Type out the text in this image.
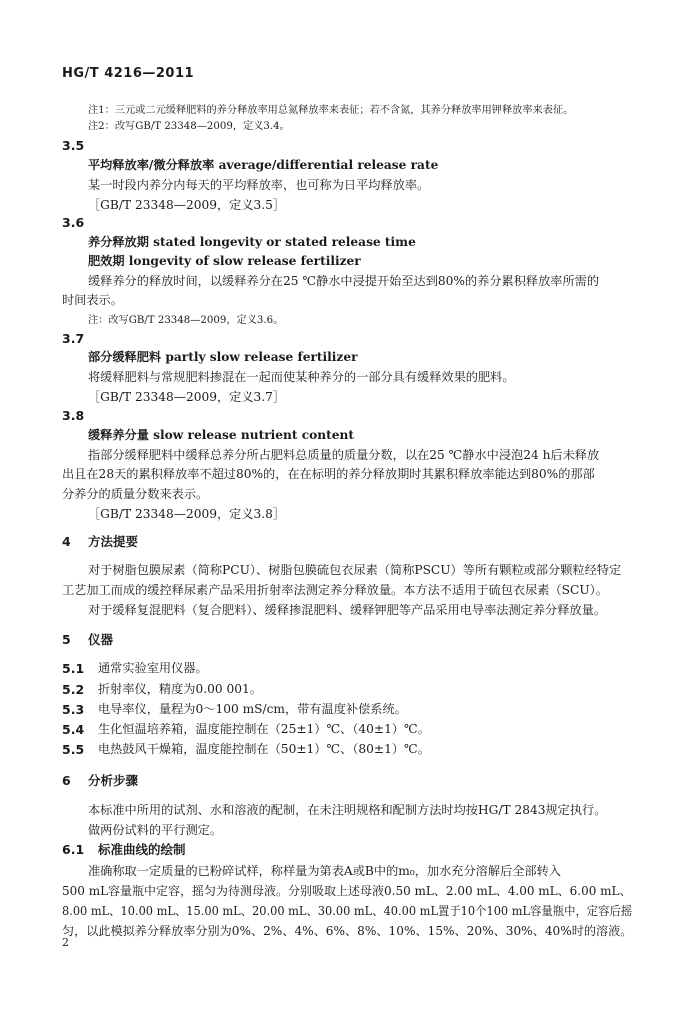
HG/T 4216—2011
注1：三元或二元缓释肥料的养分释放率用总氮释放率来表征；若不含氮，其养分释放率用钾释放率来表征。
注2：改写GB/T 23348—2009，定义3.4。
3.5
平均释放率/微分释放率 average/differential release rate
某一时段内养分内每天的平均释放率，也可称为日平均释放率。
［GB/T 23348—2009，定义3.5］
3.6
养分释放期 stated longevity or stated release time
肥效期 longevity of slow release fertilizer
缓释养分的释放时间，以缓释养分在25 ℃静水中浸提开始至达到80%的养分累积释放率所需的
时间表示。
注：改写GB/T 23348—2009，定义3.6。
3.7
部分缓释肥料 partly slow release fertilizer
将缓释肥料与常规肥料掺混在一起而使某种养分的一部分具有缓释效果的肥料。
［GB/T 23348—2009，定义3.7］
3.8
缓释养分量 slow release nutrient content
指部分缓释肥料中缓释总养分所占肥料总质量的质量分数，以在25 ℃静水中浸泡24 h后未释放
出且在28天的累积释放率不超过80%的，在在标明的养分释放期时其累积释放率能达到80%的那部
分养分的质量分数来表示。
［GB/T 23348—2009，定义3.8］
4 方法提要
对于树脂包膜尿素（简称PCU）、树脂包膜硫包衣尿素（简称PSCU）等所有颗粒或部分颗粒经特定
工艺加工而成的缓控释尿素产品采用折射率法测定养分释放量。本方法不适用于硫包衣尿素（SCU）。
对于缓释复混肥料（复合肥料）、缓释掺混肥料、缓释钾肥等产品采用电导率法测定养分释放量。
5 仪器
5.1 通常实验室用仪器。
5.2 折射率仪，精度为0.00 001。
5.3 电导率仪，量程为0～100 mS/cm，带有温度补偿系统。
5.4 生化恒温培养箱，温度能控制在（25±1）℃、（40±1）℃。
5.5 电热鼓风干燥箱，温度能控制在（50±1）℃、（80±1）℃。
6 分析步骤
本标准中所用的试剂、水和溶液的配制，在未注明规格和配制方法时均按HG/T 2843规定执行。
做两份试料的平行测定。
6.1 标准曲线的绘制
准确称取一定质量的已粉碎试样，称样量为第表A或B中的m₀，加水充分溶解后全部转入
500 mL容量瓶中定容，摇匀为待测母液。分别吸取上述母液0.50 mL、2.00 mL、4.00 mL、6.00 mL、
8.00 mL、10.00 mL、15.00 mL、20.00 mL、30.00 mL、40.00 mL置于10个100 mL容量瓶中，定容后摇
匀，以此模拟养分释放率分别为0%、2%、4%、6%、8%、10%、15%、20%、30%、40%时的溶液。
2
